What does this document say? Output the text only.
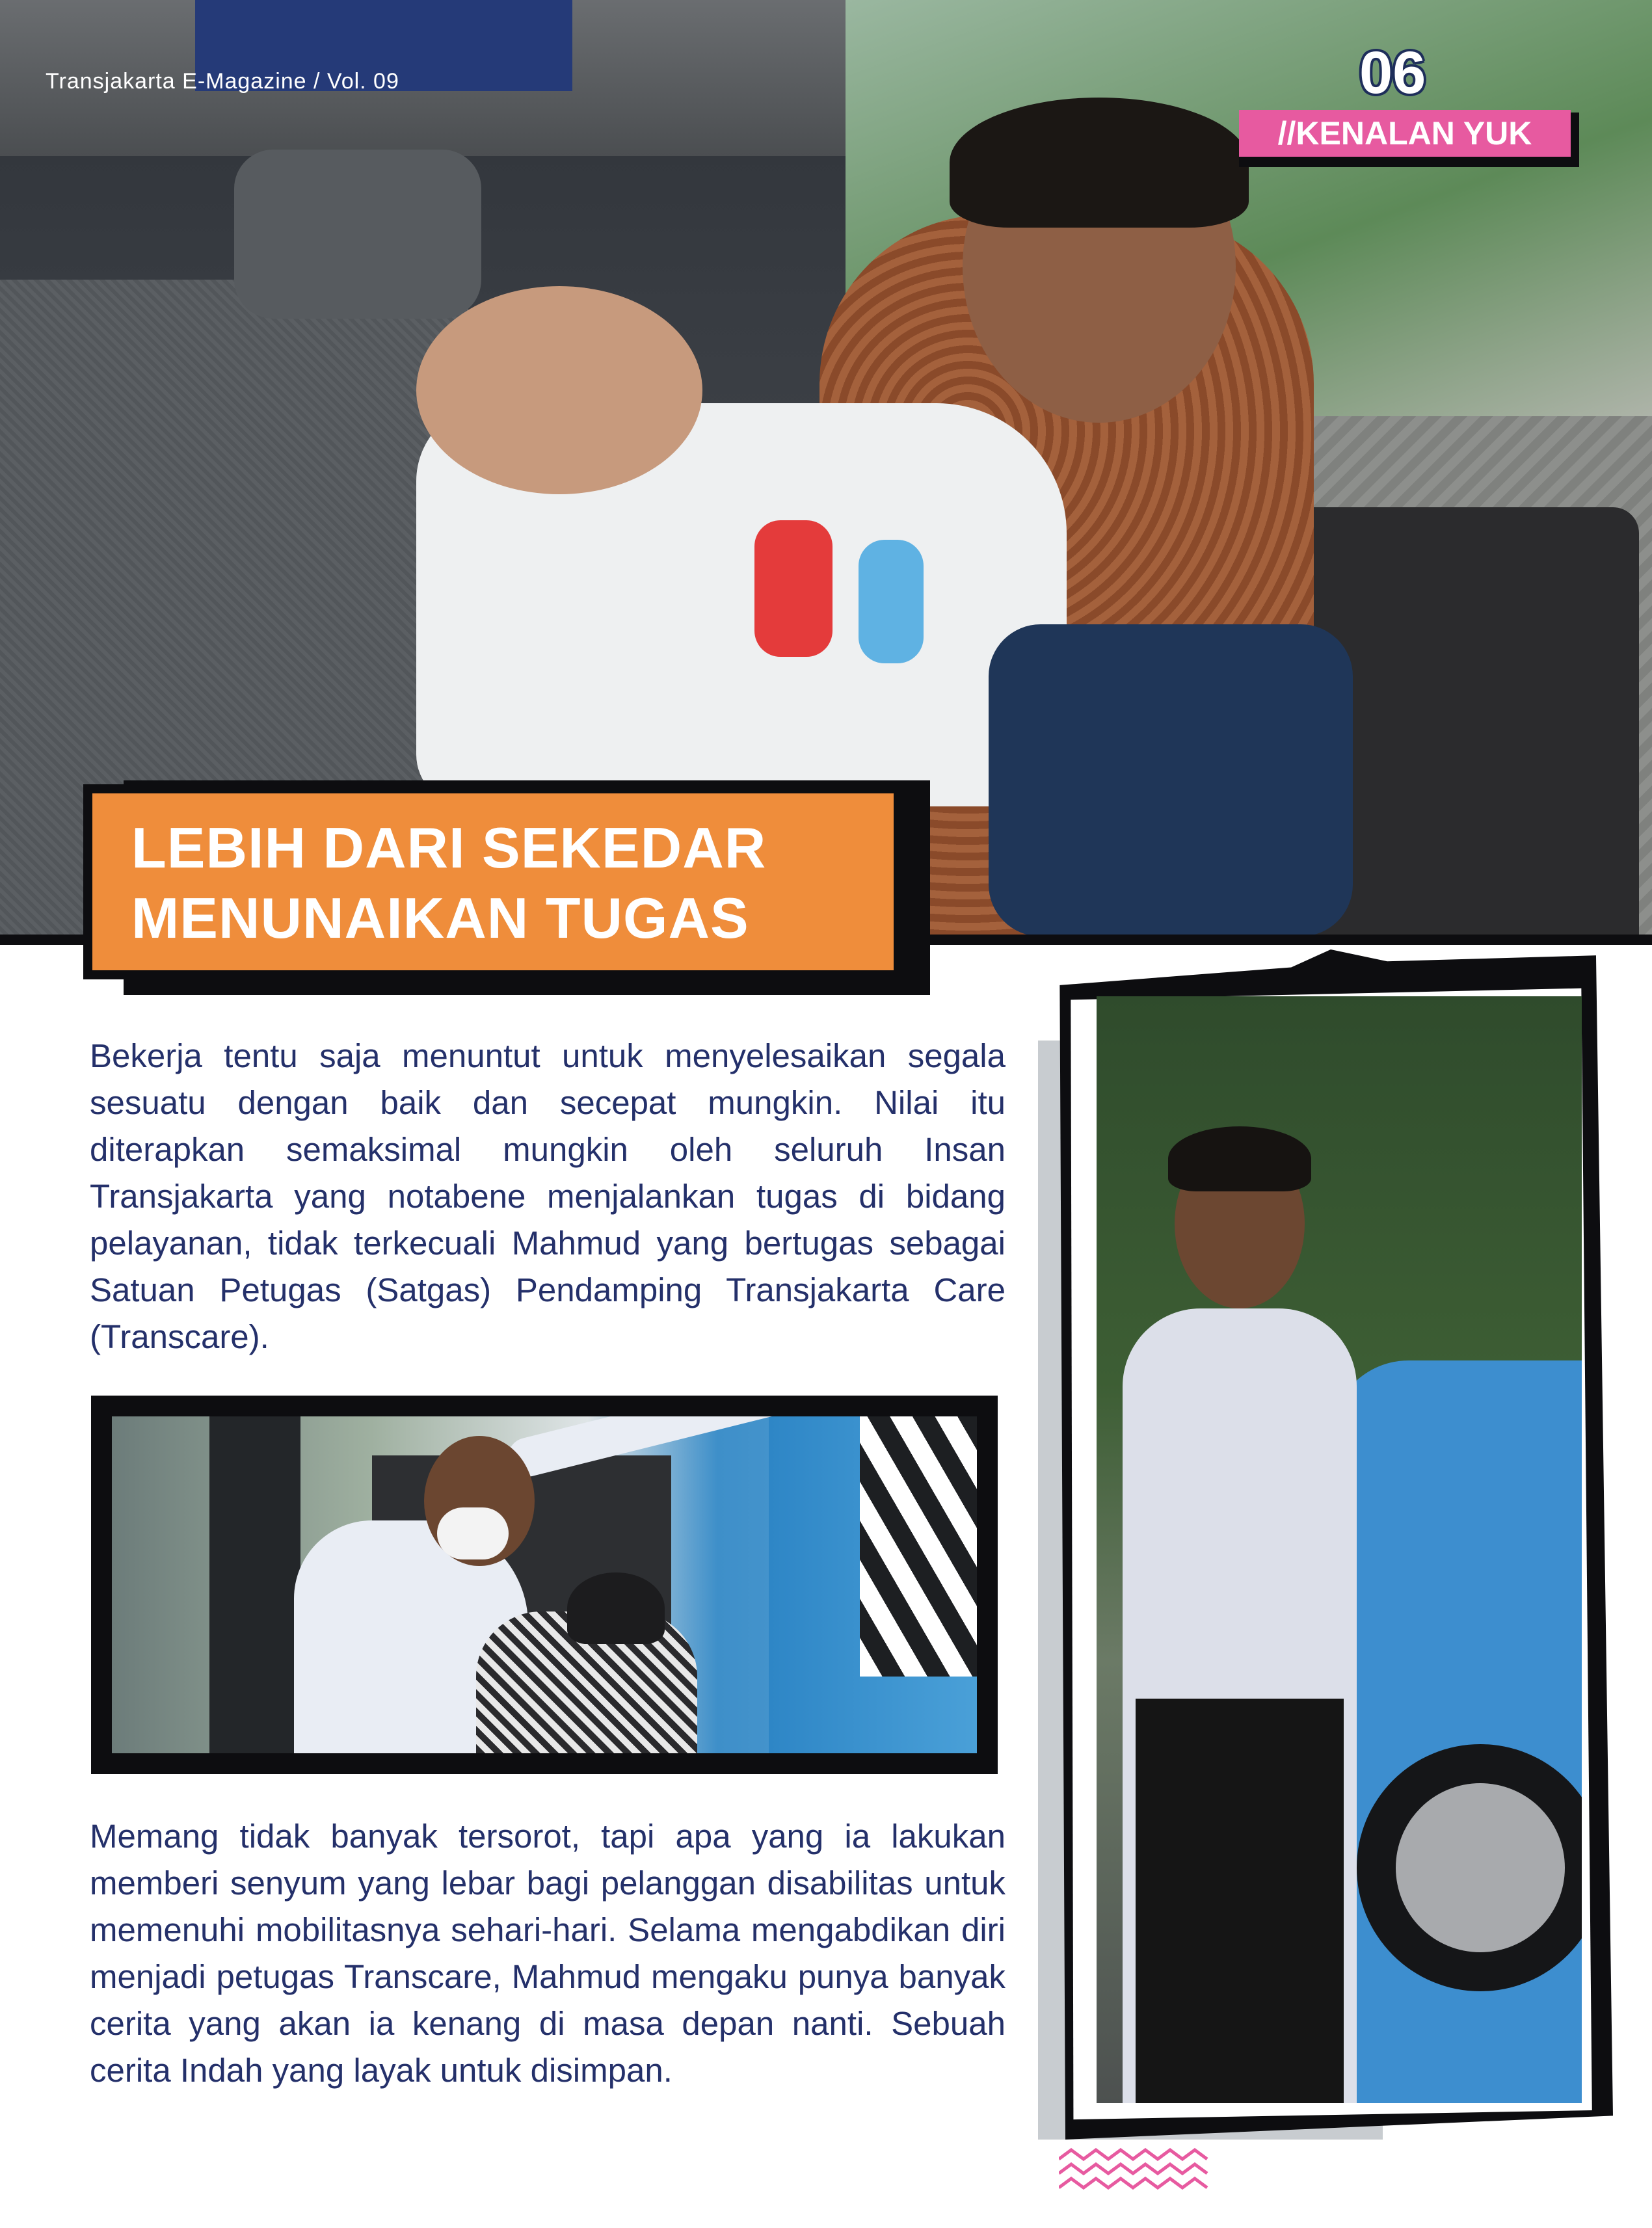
Transjakarta E-Magazine / Vol. 09	06
//KENALAN YUK
LEBIH DARI SEKEDAR
MENUNAIKAN TUGAS
Bekerja tentu saja menuntut untuk menyelesaikan segala sesuatu dengan baik dan secepat mungkin. Nilai itu diterapkan semaksimal mungkin oleh seluruh Insan Transjakarta yang notabene menjalankan tugas di bidang pelayanan, tidak terkecuali Mahmud yang bertugas sebagai Satuan Petugas (Satgas) Pendamping Transjakarta Care (Transcare).
Memang tidak banyak tersorot, tapi apa yang ia lakukan memberi senyum yang lebar bagi pelanggan disabilitas untuk memenuhi mobilitasnya sehari-hari. Selama mengabdikan diri menjadi petugas Transcare, Mahmud mengaku punya banyak cerita yang akan ia kenang di masa depan nanti. Sebuah cerita Indah yang layak untuk disimpan.
